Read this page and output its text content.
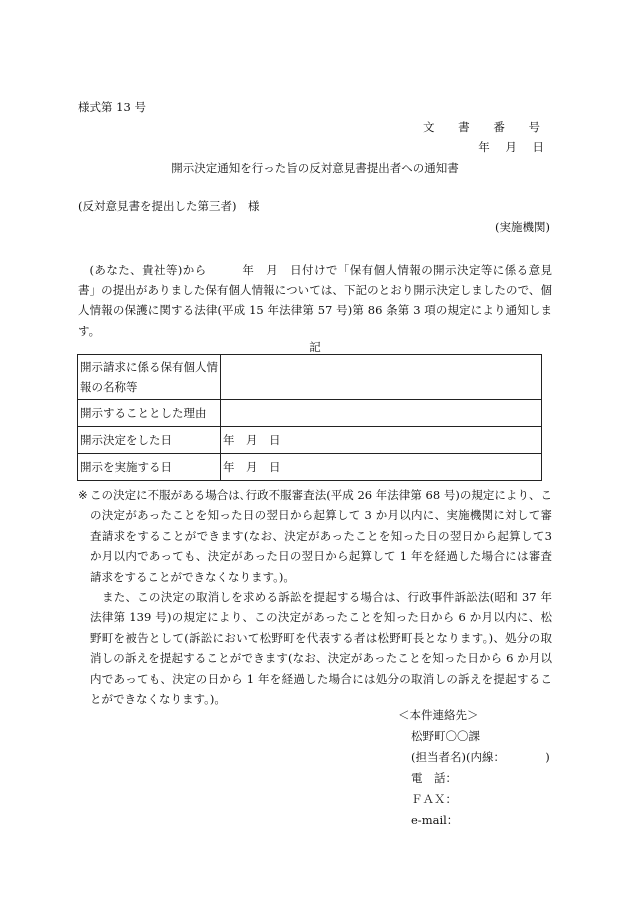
様式第 13 号
文 書 番 号
年 月 日
開示決定通知を行った旨の反対意見書提出者への通知書
(反対意見書を提出した第三者)　様
(実施機関)

(あなた、貴社等)から　　　年　月　日付けで「保有個人情報の開示決定等に係る意見書」の提出がありました保有個人情報については、下記のとおり開示決定しましたので、個人情報の保護に関する法律(平成 15 年法律第 57 号)第 86 条第 3 項の規定により通知します。

記
開示請求に係る保有個人情報の名称等	
開示することとした理由	
開示決定をした日	年　月　日
開示を実施する日	年　月　日

※ この決定に不服がある場合は､行政不服審査法(平成 26 年法律第 68 号)の規定により、この決定があったことを知った日の翌日から起算して 3 か月以内に、実施機関に対して審査請求をすることができます(なお、決定があったことを知った日の翌日から起算して3 か月以内であっても、決定があった日の翌日から起算して 1 年を経過した場合には審査請求をすることができなくなります。)。

また、この決定の取消しを求める訴訟を提起する場合は、行政事件訴訟法(昭和 37 年法律第 139 号)の規定により、この決定があったことを知った日から 6 か月以内に、松野町を被告として(訴訟において松野町を代表する者は松野町長となります。)、処分の取消しの訴えを提起することができます(なお、決定があったことを知った日から 6 か月以内であっても、決定の日から 1 年を経過した場合には処分の取消しの訴えを提起することができなくなります。)。

＜本件連絡先＞
松野町〇〇課
(担当者名)(内線：　　　　)
電　話：
ＦＡＸ：
e-mail：
